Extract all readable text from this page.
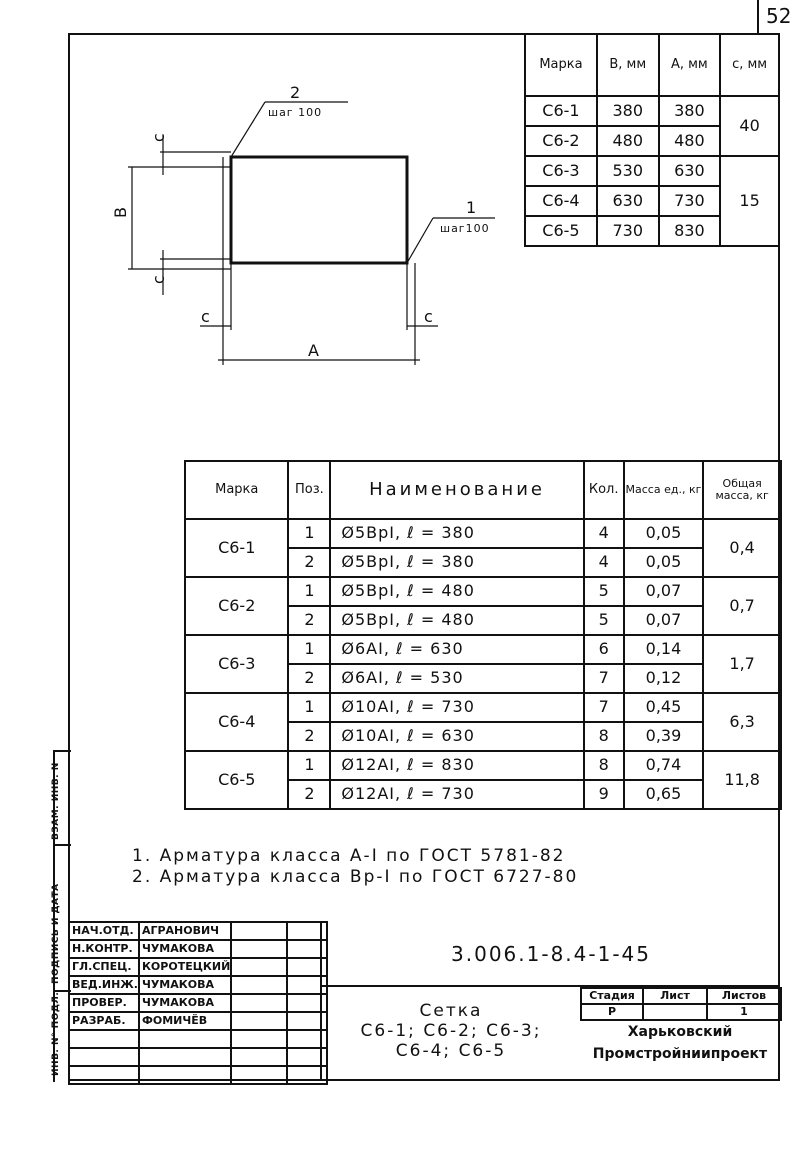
52
ВЗАМ. ИНВ. N
ПОДПИСЬ И ДАТА
ИНВ. N° ПОДЛ.
2
шаг 100
1
шаг100
В
с
с
с	с
А
Марка	В, мм	А, мм	с, мм
С6-1	380	380	40
С6-2	480	480	
С6-3	530	630	15
С6-4	630	730	
С6-5	730	830	
Марка	Поз.	Наименование	Кол.	Масса ед., кг	Общая масса, кг
С6-1	1	Ø5ВрI, ℓ = 380	4	0,05	0,4
	2	Ø5ВрI, ℓ = 380	4	0,05	
С6-2	1	Ø5ВрI, ℓ = 480	5	0,07	0,7
	2	Ø5ВрI, ℓ = 480	5	0,07	
С6-3	1	Ø6АI, ℓ = 630	6	0,14	1,7
	2	Ø6АI, ℓ = 530	7	0,12	
С6-4	1	Ø10АI, ℓ = 730	7	0,45	6,3
	2	Ø10АI, ℓ = 630	8	0,39	
С6-5	1	Ø12АI, ℓ = 830	8	0,74	11,8
	2	Ø12АI, ℓ = 730	9	0,65	
1. Арматура класса А-I по ГОСТ 5781-82
2. Арматура класса Вр-I по ГОСТ 6727-80
НАЧ.ОТД.	АГРАНОВИЧ		
Н.КОНТР.	ЧУМАКОВА		
ГЛ.СПЕЦ.	КОРОТЕЦКИЙ		
ВЕД.ИНЖ.	ЧУМАКОВА		
ПРОВЕР.	ЧУМАКОВА		
РАЗРАБ.	ФОМИЧЁВ		

3.006.1-8.4-1-45
Сетка
С6-1; С6-2; С6-3;
С6-4; С6-5
Стадия	Лист	Листов
Р		1
Харьковский
Промстройниипроект
